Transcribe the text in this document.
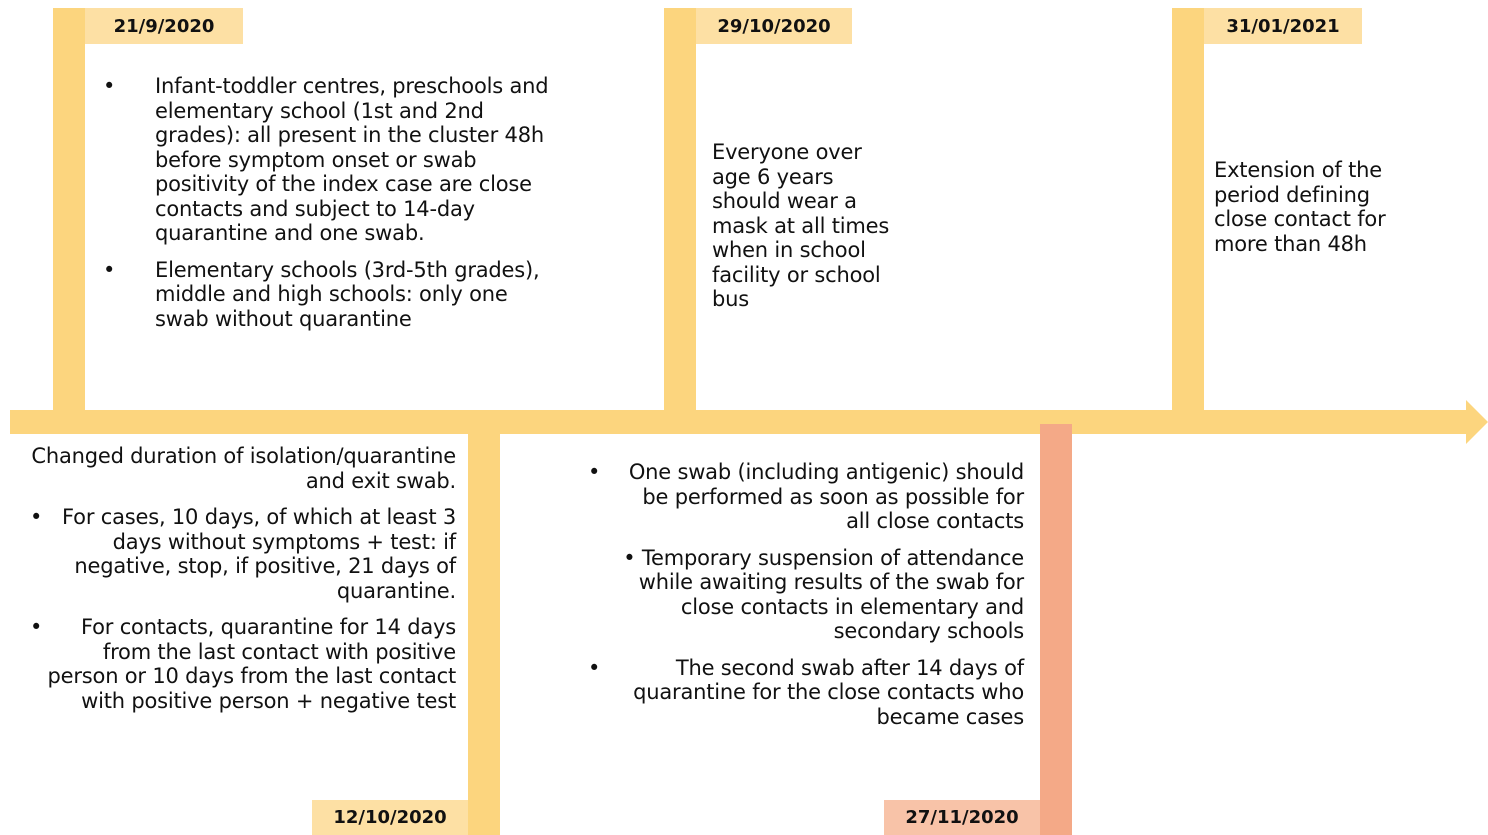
21/9/2020
• Infant-toddler centres, preschools and elementary school (1st and 2nd grades): all present in the cluster 48h before symptom onset or swab positivity of the index case are close contacts and subject to 14-day quarantine and one swab.
• Elementary schools (3rd-5th grades), middle and high schools: only one swab without quarantine
29/10/2020
Everyone over age 6 years should wear a mask at all times when in school facility or school bus
31/01/2021
Extension of the period defining close contact for more than 48h
12/10/2020
Changed duration of isolation/quarantine and exit swab.
• For cases, 10 days, of which at least 3 days without symptoms + test: if negative, stop, if positive, 21 days of quarantine.
• For contacts, quarantine for 14 days from the last contact with positive person or 10 days from the last contact with positive person + negative test
27/11/2020
• One swab (including antigenic) should be performed as soon as possible for all close contacts
• Temporary suspension of attendance while awaiting results of the swab for close contacts in elementary and secondary schools
•	The second swab after 14 days of quarantine for the close contacts who became cases
